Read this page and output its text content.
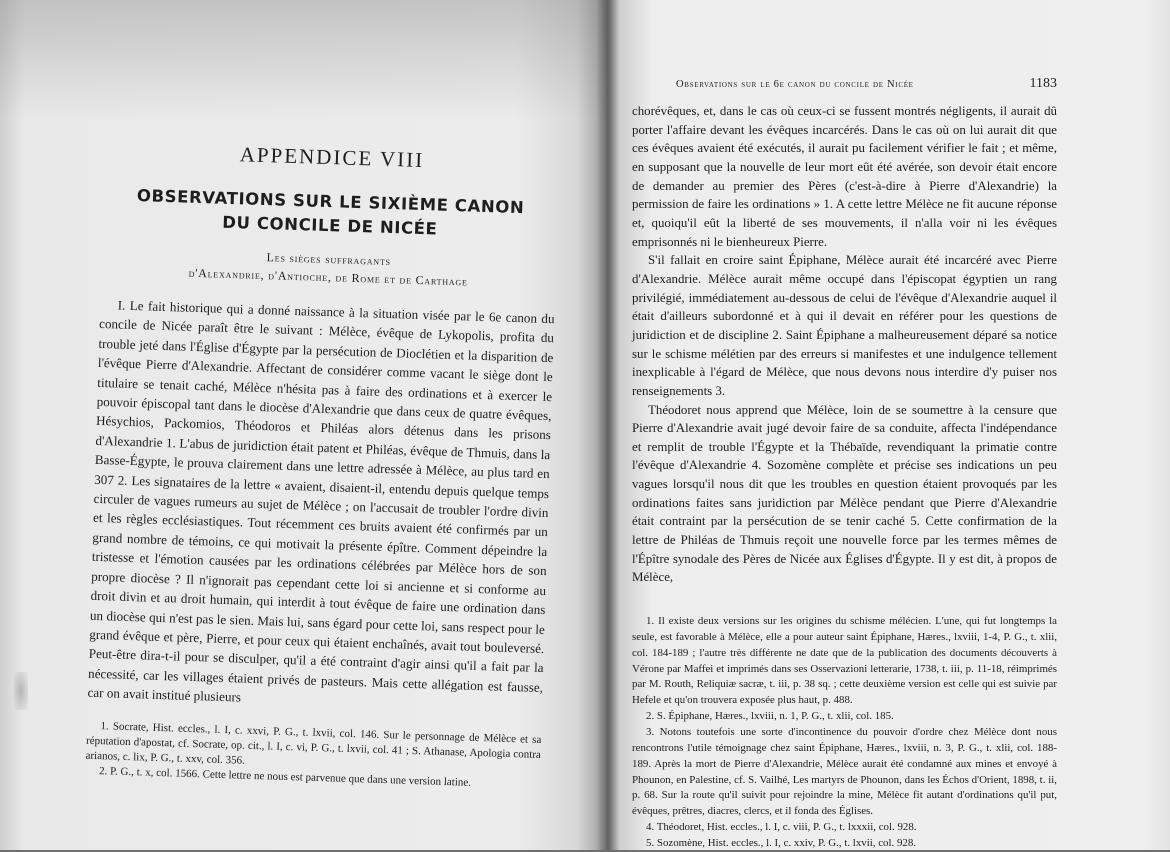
APPENDICE VIII
OBSERVATIONS SUR LE SIXIÈME CANON
DU CONCILE DE NICÉE
Les sièges suffragants
d'Alexandrie, d'Antioche, de Rome et de Carthage

I. Le fait historique qui a donné naissance à la situation visée par le 6e canon du concile de Nicée paraît être le suivant : Mélèce, évêque de Lykopolis, profita du trouble jeté dans l'Église d'Égypte par la persécution de Dioclétien et la disparition de l'évêque Pierre d'Alexandrie. Affectant de considérer comme vacant le siège dont le titulaire se tenait caché, Mélèce n'hésita pas à faire des ordinations et à exercer le pouvoir épiscopal tant dans le diocèse d'Alexandrie que dans ceux de quatre évêques, Hésychios, Packomios, Théodoros et Philéas alors détenus dans les prisons d'Alexandrie 1. L'abus de juridiction était patent et Philéas, évêque de Thmuis, dans la Basse-Égypte, le prouva clairement dans une lettre adressée à Mélèce, au plus tard en 307 2. Les signataires de la lettre « avaient, disaient-il, entendu depuis quelque temps circuler de vagues rumeurs au sujet de Mélèce ; on l'accusait de troubler l'ordre divin et les règles ecclésiastiques. Tout récemment ces bruits avaient été confirmés par un grand nombre de témoins, ce qui motivait la présente épître. Comment dépeindre la tristesse et l'émotion causées par les ordinations célébrées par Mélèce hors de son propre diocèse ? Il n'ignorait pas cependant cette loi si ancienne et si conforme au droit divin et au droit humain, qui interdit à tout évêque de faire une ordination dans un diocèse qui n'est pas le sien. Mais lui, sans égard pour cette loi, sans respect pour le grand évêque et père, Pierre, et pour ceux qui étaient enchaînés, avait tout bouleversé. Peut-être dira-t-il pour se disculper, qu'il a été contraint d'agir ainsi qu'il a fait par la nécessité, car les villages étaient privés de pasteurs. Mais cette allégation est fausse, car on avait institué plusieurs

1. Socrate, Hist. eccles., l. I, c. xxvi, P. G., t. lxvii, col. 146. Sur le personnage de Mélèce et sa réputation d'apostat, cf. Socrate, op. cit., l. I, c. vi, P. G., t. lxvii, col. 41 ; S. Athanase, Apologia contra arianos, c. lix, P. G., t. xxv, col. 356.

2. P. G., t. x, col. 1566. Cette lettre ne nous est parvenue que dans une version latine.

Observations sur le 6e canon du concile de Nicée	1183

chorévêques, et, dans le cas où ceux-ci se fussent montrés négligents, il aurait dû porter l'affaire devant les évêques incarcérés. Dans le cas où on lui aurait dit que ces évêques avaient été exécutés, il aurait pu facilement vérifier le fait ; et même, en supposant que la nouvelle de leur mort eût été avérée, son devoir était encore de demander au premier des Pères (c'est-à-dire à Pierre d'Alexandrie) la permission de faire les ordinations » 1. A cette lettre Mélèce ne fit aucune réponse et, quoiqu'il eût la liberté de ses mouvements, il n'alla voir ni les évêques emprisonnés ni le bienheureux Pierre.

S'il fallait en croire saint Épiphane, Mélèce aurait été incarcéré avec Pierre d'Alexandrie. Mélèce aurait même occupé dans l'épiscopat égyptien un rang privilégié, immédiatement au-dessous de celui de l'évêque d'Alexandrie auquel il était d'ailleurs subordonné et à qui il devait en référer pour les questions de juridiction et de discipline 2. Saint Épiphane a malheureusement déparé sa notice sur le schisme mélétien par des erreurs si manifestes et une indulgence tellement inexplicable à l'égard de Mélèce, que nous devons nous interdire d'y puiser nos renseignements 3.

Théodoret nous apprend que Mélèce, loin de se soumettre à la censure que Pierre d'Alexandrie avait jugé devoir faire de sa conduite, affecta l'indépendance et remplit de trouble l'Égypte et la Thébaïde, revendiquant la primatie contre l'évêque d'Alexandrie 4. Sozomène complète et précise ses indications un peu vagues lorsqu'il nous dit que les troubles en question étaient provoqués par les ordinations faites sans juridiction par Mélèce pendant que Pierre d'Alexandrie était contraint par la persécution de se tenir caché 5. Cette confirmation de la lettre de Philéas de Thmuis reçoit une nouvelle force par les termes mêmes de l'Épître synodale des Pères de Nicée aux Églises d'Égypte. Il y est dit, à propos de Mélèce,

1. Il existe deux versions sur les origines du schisme mélécien. L'une, qui fut longtemps la seule, est favorable à Mélèce, elle a pour auteur saint Épiphane, Hæres., lxviii, 1-4, P. G., t. xlii, col. 184-189 ; l'autre très différente ne date que de la publication des documents découverts à Vérone par Maffei et imprimés dans ses Osservazioni letterarie, 1738, t. iii, p. 11-18, réimprimés par M. Routh, Reliquiæ sacræ, t. iii, p. 38 sq. ; cette deuxième version est celle qui est suivie par Hefele et qu'on trouvera exposée plus haut, p. 488.

2. S. Épiphane, Hæres., lxviii, n. 1, P. G., t. xlii, col. 185.

3. Notons toutefois une sorte d'incontinence du pouvoir d'ordre chez Mélèce dont nous rencontrons l'utile témoignage chez saint Épiphane, Hæres., lxviii, n. 3, P. G., t. xlii, col. 188-189. Après la mort de Pierre d'Alexandrie, Mélèce aurait été condamné aux mines et envoyé à Phounon, en Palestine, cf. S. Vailhé, Les martyrs de Phounon, dans les Échos d'Orient, 1898, t. ii, p. 68. Sur la route qu'il suivit pour rejoindre la mine, Mélèce fit autant d'ordinations qu'il put, évêques, prêtres, diacres, clercs, et il fonda des Églises.

4. Théodoret, Hist. eccles., l. I, c. viii, P. G., t. lxxxii, col. 928.

5. Sozomène, Hist. eccles., l. I, c. xxiv, P. G., t. lxvii, col. 928.
